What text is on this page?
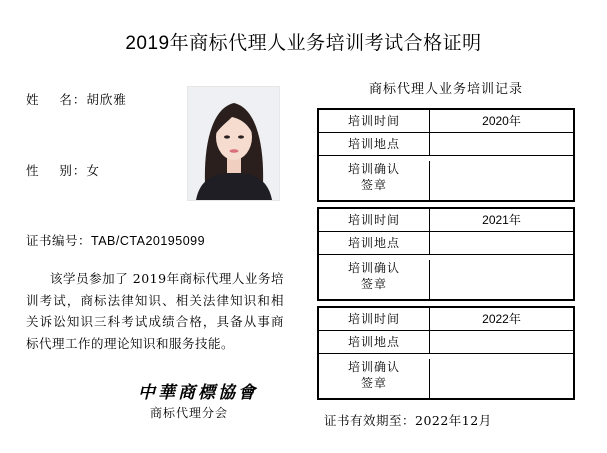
2019年商标代理人业务培训考试合格证明
姓    名：胡欣雅
性    别：女
证书编号：TAB/CTA20195099
该学员参加了 2019年商标代理人业务培训考试，商标法律知识、相关法律知识和相关诉讼知识三科考试成绩合格，具备从事商标代理工作的理论知识和服务技能。
中華商標協會
商标代理分会
商标代理人业务培训记录
培训时间	2020年
培训地点
培训确认
签章
培训时间	2021年
培训地点
培训确认
签章
培训时间	2022年
培训地点
培训确认
签章
证书有效期至：2022年12月
